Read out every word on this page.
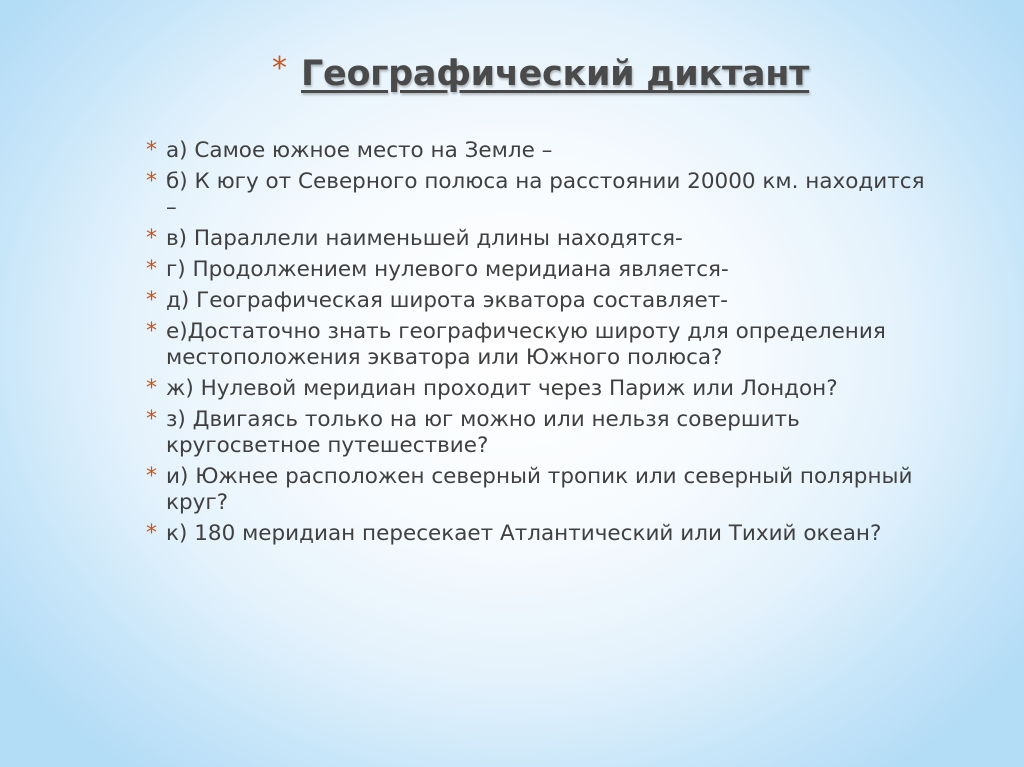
* Географический диктант
* а) Самое южное место на Земле –
* б) К югу от Северного полюса на расстоянии 20000 км. находится –
* в) Параллели наименьшей длины находятся-
* г) Продолжением нулевого меридиана является-
* д) Географическая широта экватора составляет-
* е)Достаточно знать географическую широту для определения местоположения экватора или Южного полюса?
* ж) Нулевой меридиан проходит через Париж или Лондон?
* з) Двигаясь только на юг можно или нельзя совершить кругосветное путешествие?
* и) Южнее расположен северный тропик или северный полярный круг?
* к) 180 меридиан пересекает Атлантический или Тихий океан?
